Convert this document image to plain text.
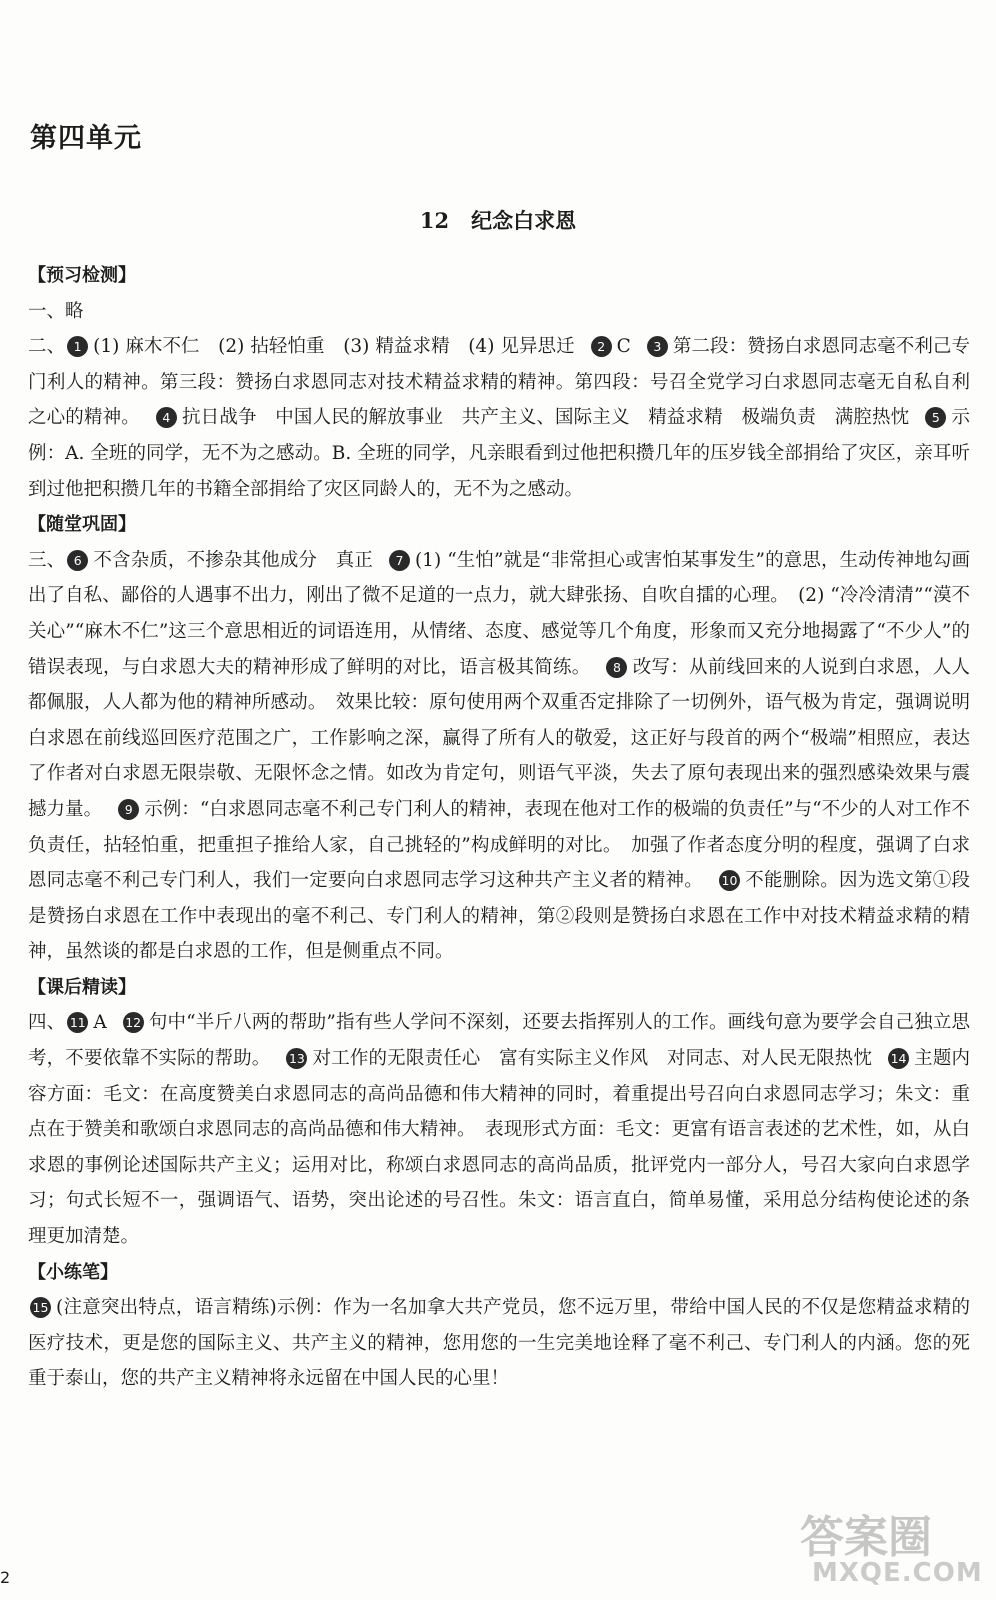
第四单元
12 纪念白求恩

【预习检测】

一、略

二、 1 (1) 麻木不仁　(2) 拈轻怕重　(3) 精益求精　(4) 见异思迁 2 C 3 第二段：赞扬白求恩同志毫不利己专门利人的精神。第三段：赞扬白求恩同志对技术精益求精的精神。第四段：号召全党学习白求恩同志毫无自私自利之心的精神。 4 抗日战争　中国人民的解放事业　共产主义、国际主义　精益求精　极端负责　满腔热忱 5 示例：A. 全班的同学，无不为之感动。B. 全班的同学，凡亲眼看到过他把积攒几年的压岁钱全部捐给了灾区，亲耳听到过他把积攒几年的书籍全部捐给了灾区同龄人的，无不为之感动。

【随堂巩固】

三、 6 不含杂质，不掺杂其他成分　真正 7 (1) “生怕”就是“非常担心或害怕某事发生”的意思，生动传神地勾画出了自私、鄙俗的人遇事不出力，刚出了微不足道的一点力，就大肆张扬、自吹自擂的心理。　(2) “冷冷清清”“漠不关心”“麻木不仁”这三个意思相近的词语连用，从情绪、态度、感觉等几个角度，形象而又充分地揭露了“不少人”的错误表现，与白求恩大夫的精神形成了鲜明的对比，语言极其简练。 8 改写：从前线回来的人说到白求恩，人人都佩服，人人都为他的精神所感动。　效果比较：原句使用两个双重否定排除了一切例外，语气极为肯定，强调说明白求恩在前线巡回医疗范围之广，工作影响之深，赢得了所有人的敬爱，这正好与段首的两个“极端”相照应，表达了作者对白求恩无限崇敬、无限怀念之情。如改为肯定句，则语气平淡，失去了原句表现出来的强烈感染效果与震撼力量。 9 示例：“白求恩同志毫不利己专门利人的精神，表现在他对工作的极端的负责任”与“不少的人对工作不负责任，拈轻怕重，把重担子推给人家，自己挑轻的”构成鲜明的对比。　加强了作者态度分明的程度，强调了白求恩同志毫不利己专门利人，我们一定要向白求恩同志学习这种共产主义者的精神。 10 不能删除。因为选文第①段是赞扬白求恩在工作中表现出的毫不利己、专门利人的精神，第②段则是赞扬白求恩在工作中对技术精益求精的精神，虽然谈的都是白求恩的工作，但是侧重点不同。

【课后精读】

四、 11 A 12 句中“半斤八两的帮助”指有些人学问不深刻，还要去指挥别人的工作。画线句意为要学会自己独立思考，不要依靠不实际的帮助。 13 对工作的无限责任心　富有实际主义作风　对同志、对人民无限热忱 14 主题内容方面：毛文：在高度赞美白求恩同志的高尚品德和伟大精神的同时，着重提出号召向白求恩同志学习；朱文：重点在于赞美和歌颂白求恩同志的高尚品德和伟大精神。　表现形式方面：毛文：更富有语言表述的艺术性，如，从白求恩的事例论述国际共产主义；运用对比，称颂白求恩同志的高尚品质，批评党内一部分人，号召大家向白求恩学习；句式长短不一，强调语气、语势，突出论述的号召性。朱文：语言直白，简单易懂，采用总分结构使论述的条理更加清楚。

【小练笔】

15 (注意突出特点，语言精练)示例：作为一名加拿大共产党员，您不远万里，带给中国人民的不仅是您精益求精的医疗技术，更是您的国际主义、共产主义的精神，您用您的一生完美地诠释了毫不利己、专门利人的内涵。您的死重于泰山，您的共产主义精神将永远留在中国人民的心里！

2
答案圈
MXQE.COM
